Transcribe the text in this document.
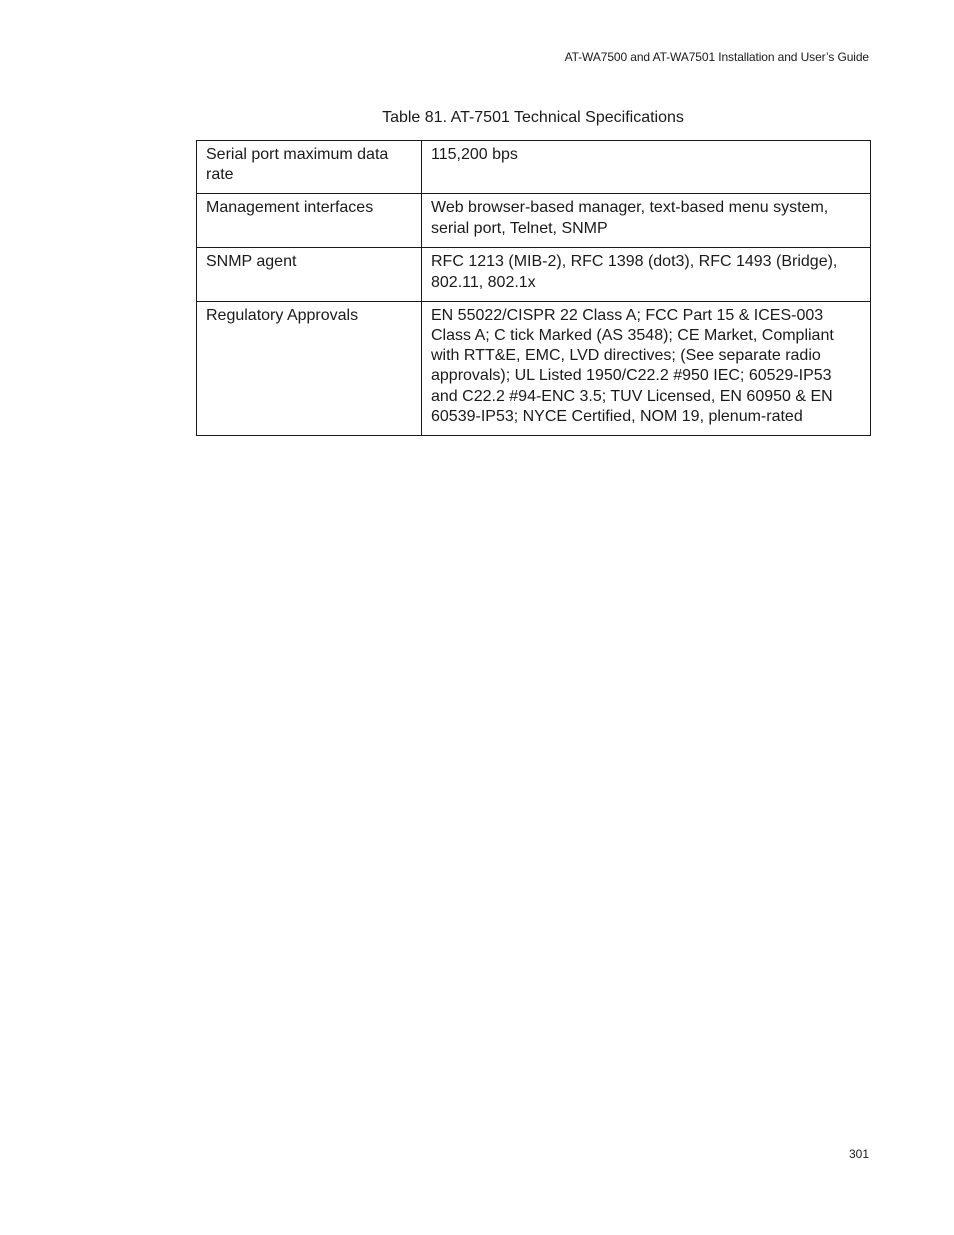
AT-WA7500 and AT-WA7501 Installation and User’s Guide
Table 81. AT-7501 Technical Specifications
Serial port maximum data rate	115,200 bps
Management interfaces	Web browser-based manager, text-based menu system, serial port, Telnet, SNMP
SNMP agent	RFC 1213 (MIB-2), RFC 1398 (dot3), RFC 1493 (Bridge), 802.11, 802.1x
Regulatory Approvals	EN 55022/CISPR 22 Class A; FCC Part 15 & ICES-003 Class A; C tick Marked (AS 3548); CE Market, Compliant with RTT&E, EMC, LVD directives; (See separate radio approvals); UL Listed 1950/C22.2 #950 IEC; 60529-IP53 and C22.2 #94-ENC 3.5; TUV Licensed, EN 60950 & EN 60539-IP53; NYCE Certified, NOM 19, plenum-rated
301
